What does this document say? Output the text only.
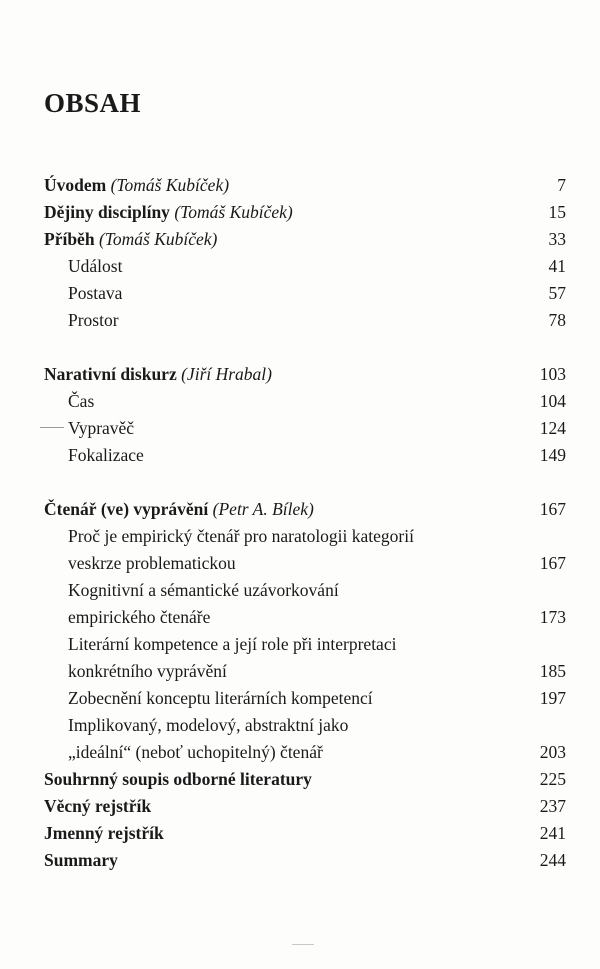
OBSAH
Úvodem (Tomáš Kubíček)	7
Dějiny disciplíny (Tomáš Kubíček)	15
Příběh (Tomáš Kubíček)	33
Událost	41
Postava	57
Prostor	78
Narativní diskurz (Jiří Hrabal)	103
Čas	104
Vypravěč	124
Fokalizace	149
Čtenář (ve) vyprávění (Petr A. Bílek)	167
Proč je empirický čtenář pro naratologii kategorií
veskrze problematickou	167
Kognitivní a sémantické uzávorkování
empirického čtenáře	173
Literární kompetence a její role při interpretaci
konkrétního vyprávění	185
Zobecnění konceptu literárních kompetencí	197
Implikovaný, modelový, abstraktní jako
„ideální“ (neboť uchopitelný) čtenář	203
Souhrnný soupis odborné literatury	225
Věcný rejstřík	237
Jmenný rejstřík	241
Summary	244
